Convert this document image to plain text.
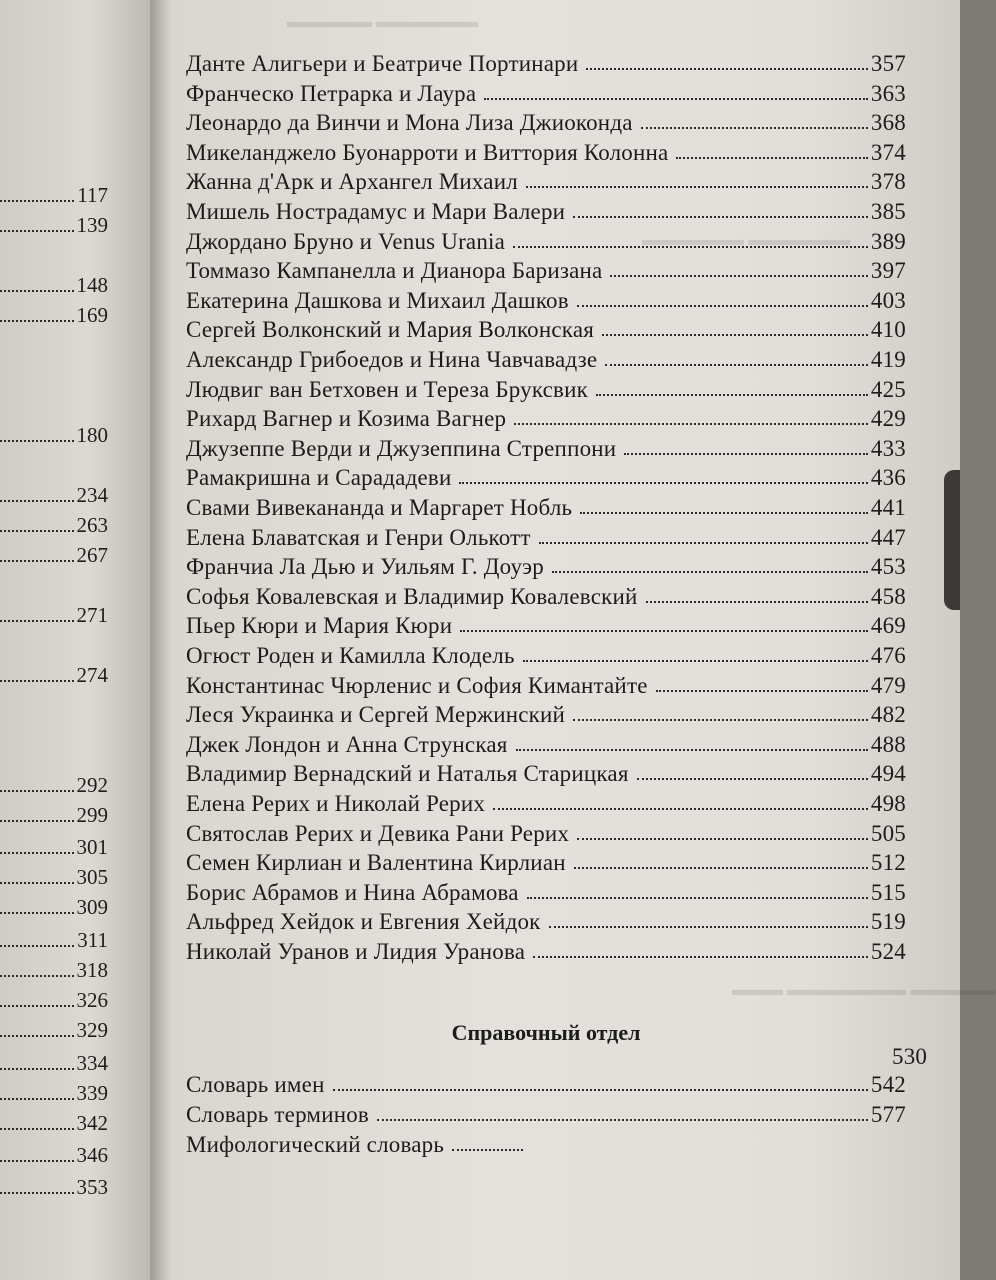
117
139
148
169
180
234
263
267
271
274
292
299
301
305
309
311
318
326
329
334
339
342
346
353
▬▬▬▬▬ ▬▬▬▬▬▬
▬▬▬▬▬▬ ▬▬▬▬▬▬
▬▬▬ ▬▬▬▬▬▬▬ ▬▬▬▬▬
Данте Алигьери и Беатриче Портинари	357
Франческо Петрарка и Лаура	363
Леонардо да Винчи и Мона Лиза Джиоконда	368
Микеланджело Буонарроти и Виттория Колонна	374
Жанна д'Арк и Архангел Михаил	378
Мишель Нострадамус и Мари Валери	385
Джордано Бруно и Venus Urania	389
Томмазо Кампанелла и Дианора Баризана	397
Екатерина Дашкова и Михаил Дашков	403
Сергей Волконский и Мария Волконская	410
Александр Грибоедов и Нина Чавчавадзе	419
Людвиг ван Бетховен и Тереза Бруксвик	425
Рихард Вагнер и Козима Вагнер	429
Джузеппе Верди и Джузеппина Стреппони	433
Рамакришна и Сарададеви	436
Свами Вивекананда и Маргарет Нобль	441
Елена Блаватская и Генри Олькотт	447
Франчиа Ла Дью и Уильям Г. Доуэр	453
Софья Ковалевская и Владимир Ковалевский	458
Пьер Кюри и Мария Кюри	469
Огюст Роден и Камилла Клодель	476
Константинас Чюрленис и София Кимантайте	479
Леся Украинка и Сергей Мержинский	482
Джек Лондон и Анна Струнская	488
Владимир Вернадский и Наталья Старицкая	494
Елена Рерих и Николай Рерих	498
Святослав Рерих и Девика Рани Рерих	505
Семен Кирлиан и Валентина Кирлиан	512
Борис Абрамов и Нина Абрамова	515
Альфред Хейдок и Евгения Хейдок	519
Николай Уранов и Лидия Уранова	524
Справочный отдел
530
Словарь имен	542
Словарь терминов	577
Мифологический словарь
